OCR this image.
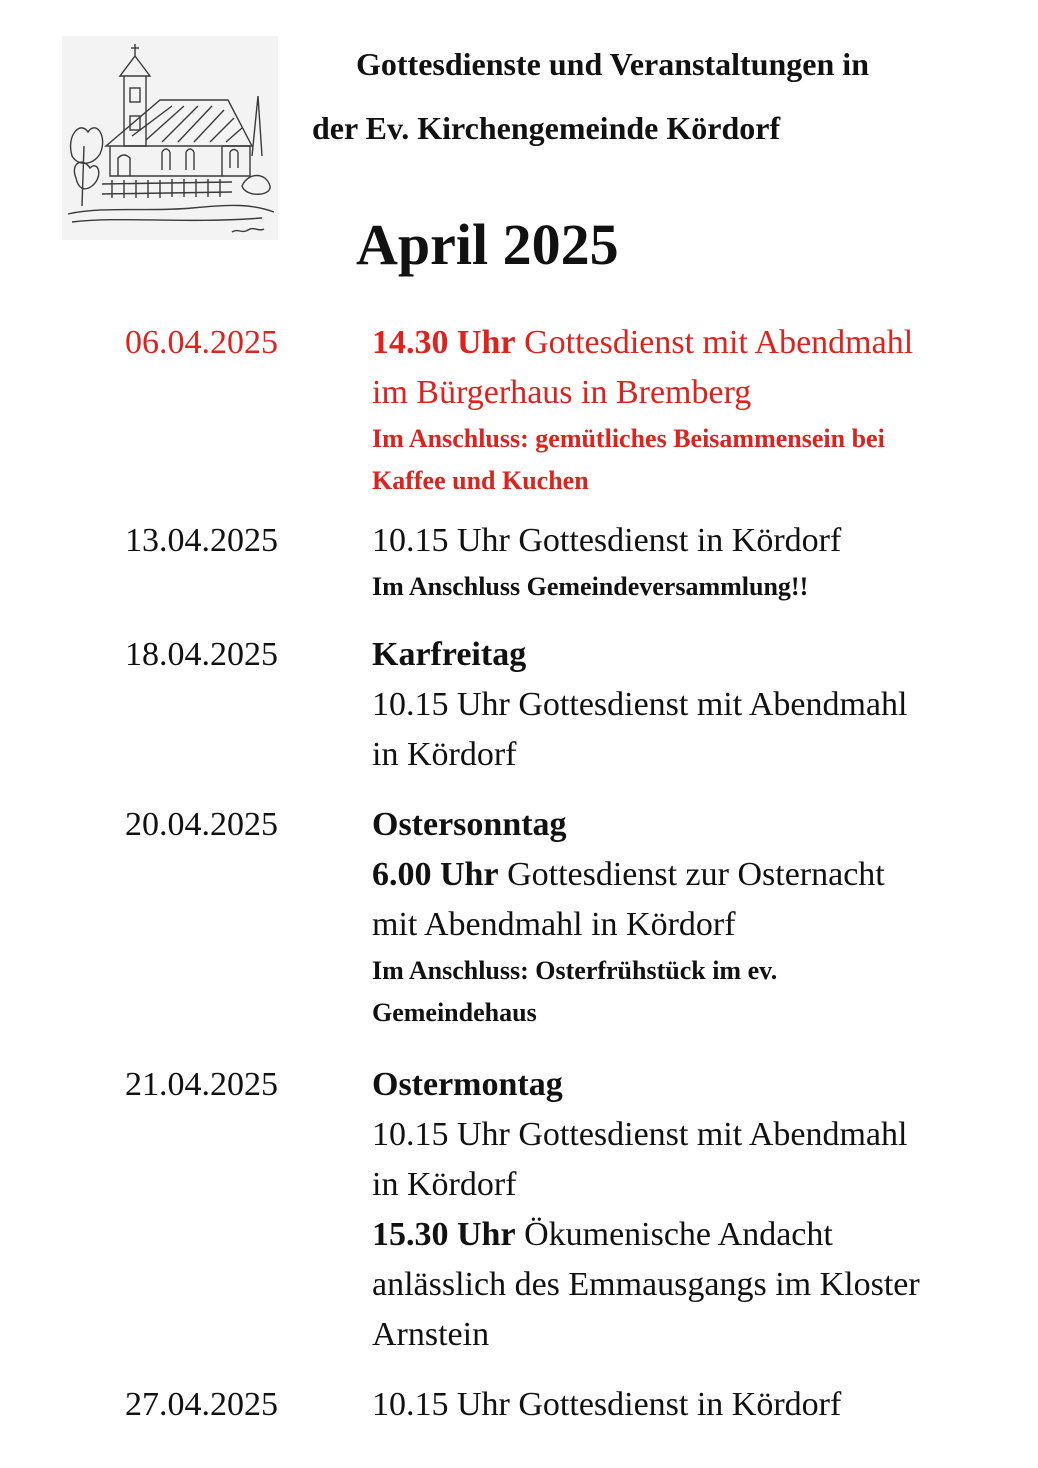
Gottesdienste und Veranstaltungen in
der Ev. Kirchengemeinde Kördorf
April 2025
06.04.2025	14.30 Uhr Gottesdienst mit Abendmahl
im Bürgerhaus in Bremberg
Im Anschluss: gemütliches Beisammensein bei
Kaffee und Kuchen
13.04.2025	10.15 Uhr Gottesdienst in Kördorf
Im Anschluss Gemeindeversammlung!!
18.04.2025	Karfreitag
10.15 Uhr Gottesdienst mit Abendmahl
in Kördorf
20.04.2025	Ostersonntag
6.00 Uhr Gottesdienst zur Osternacht
mit Abendmahl in Kördorf
Im Anschluss: Osterfrühstück im ev.
Gemeindehaus
21.04.2025	Ostermontag
10.15 Uhr Gottesdienst mit Abendmahl
in Kördorf
15.30 Uhr Ökumenische Andacht
anlässlich des Emmausgangs im Kloster
Arnstein
27.04.2025	10.15 Uhr Gottesdienst in Kördorf
